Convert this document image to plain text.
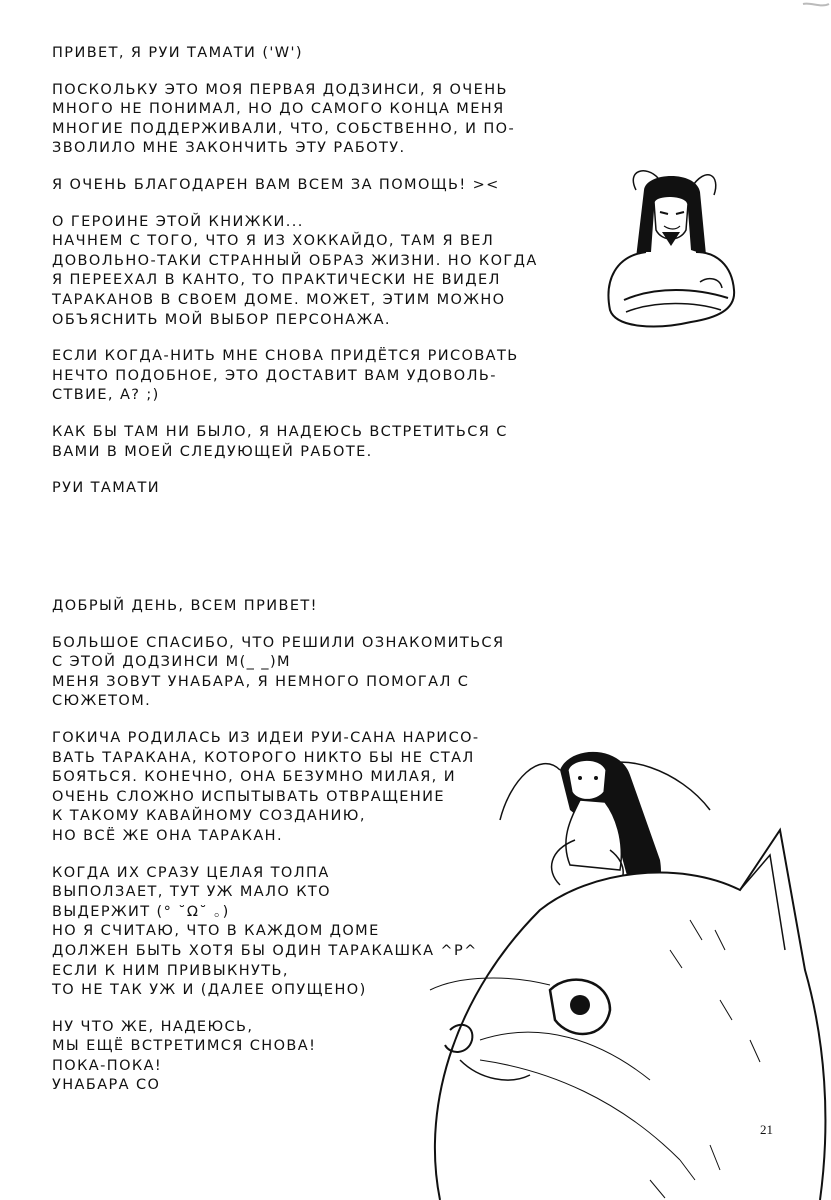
ПРИВЕТ, Я РУИ ТАМАТИ ('W')

ПОСКОЛЬКУ ЭТО МОЯ ПЕРВАЯ ДОДЗИНСИ, Я ОЧЕНЬ
МНОГО НЕ ПОНИМАЛ, НО ДО САМОГО КОНЦА МЕНЯ
МНОГИЕ ПОДДЕРЖИВАЛИ, ЧТО, СОБСТВЕННО, И ПО-
ЗВОЛИЛО МНЕ ЗАКОНЧИТЬ ЭТУ РАБОТУ.

Я ОЧЕНЬ БЛАГОДАРЕН ВАМ ВСЕМ ЗА ПОМОЩЬ! ><

О ГЕРОИНЕ ЭТОЙ КНИЖКИ...
НАЧНЕМ С ТОГО, ЧТО Я ИЗ ХОККАЙДО, ТАМ Я ВЕЛ
ДОВОЛЬНО-ТАКИ СТРАННЫЙ ОБРАЗ ЖИЗНИ. НО КОГДА
Я ПЕРЕЕХАЛ В КАНТО, ТО ПРАКТИЧЕСКИ НЕ ВИДЕЛ
ТАРАКАНОВ В СВОЕМ ДОМЕ. МОЖЕТ, ЭТИМ МОЖНО
ОБЪЯСНИТЬ МОЙ ВЫБОР ПЕРСОНАЖА.

ЕСЛИ КОГДА-НИТЬ МНЕ СНОВА ПРИДЁТСЯ РИСОВАТЬ
НЕЧТО ПОДОБНОЕ, ЭТО ДОСТАВИТ ВАМ УДОВОЛЬ-
СТВИЕ, А? ;)

КАК БЫ ТАМ НИ БЫЛО, Я НАДЕЮСЬ ВСТРЕТИТЬСЯ С
ВАМИ В МОЕЙ СЛЕДУЮЩЕЙ РАБОТЕ.

РУИ ТАМАТИ

ДОБРЫЙ ДЕНЬ, ВСЕМ ПРИВЕТ!

БОЛЬШОЕ СПАСИБО, ЧТО РЕШИЛИ ОЗНАКОМИТЬСЯ
С ЭТОЙ ДОДЗИНСИ M(_ _)M
МЕНЯ ЗОВУТ УНАБАРА, Я НЕМНОГО ПОМОГАЛ С
СЮЖЕТОМ.

ГОКИЧА РОДИЛАСЬ ИЗ ИДЕИ РУИ-САНА НАРИСО-
ВАТЬ ТАРАКАНА, КОТОРОГО НИКТО БЫ НЕ СТАЛ
БОЯТЬСЯ. КОНЕЧНО, ОНА БЕЗУМНО МИЛАЯ, И
ОЧЕНЬ СЛОЖНО ИСПЫТЫВАТЬ ОТВРАЩЕНИЕ
К ТАКОМУ КАВАЙНОМУ СОЗДАНИЮ,
НО ВСЁ ЖЕ ОНА ТАРАКАН.

КОГДА ИХ СРАЗУ ЦЕЛАЯ ТОЛПА
ВЫПОЛЗАЕТ, ТУТ УЖ МАЛО КТО
ВЫДЕРЖИТ (° ˘Ω˘ 。)
НО Я СЧИТАЮ, ЧТО В КАЖДОМ ДОМЕ
ДОЛЖЕН БЫТЬ ХОТЯ БЫ ОДИН ТАРАКАШКА ^P^
ЕСЛИ К НИМ ПРИВЫКНУТЬ,
ТО НЕ ТАК УЖ И (ДАЛЕЕ ОПУЩЕНО)

НУ ЧТО ЖЕ, НАДЕЮСЬ,
МЫ ЕЩЁ ВСТРЕТИМСЯ СНОВА!
ПОКА-ПОКА!
УНАБАРА СО

21
